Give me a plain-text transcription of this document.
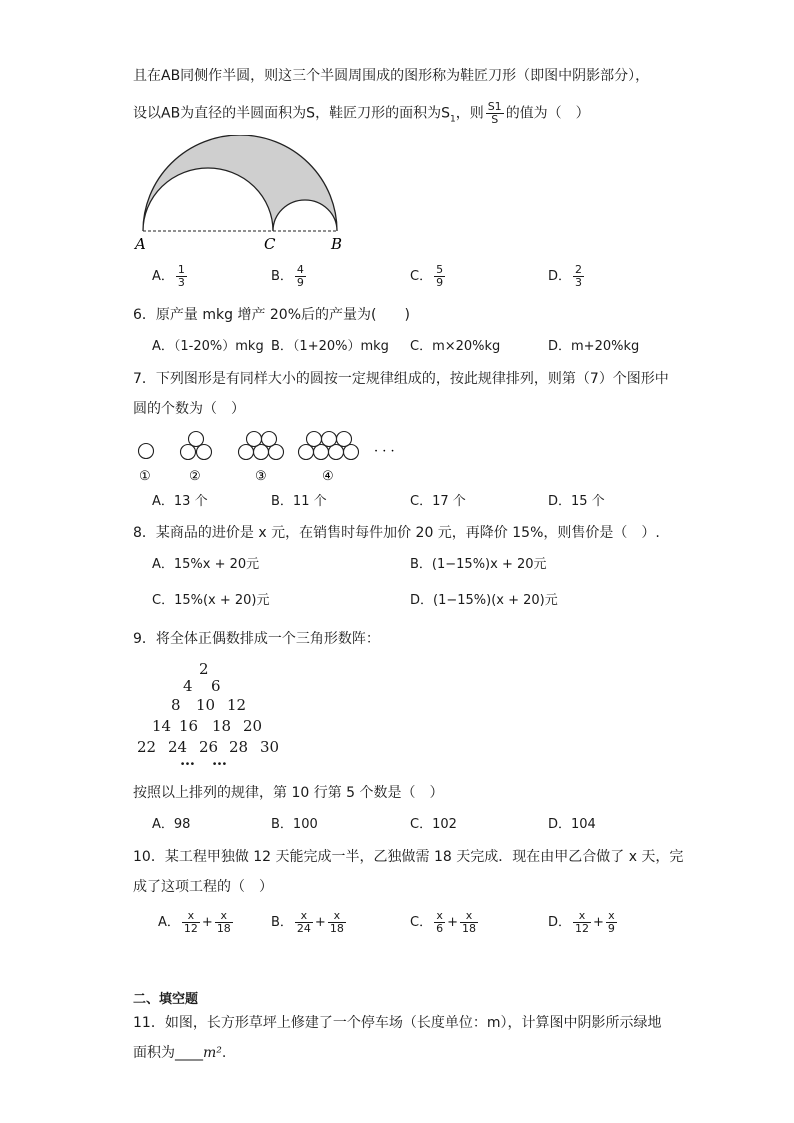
且在AB同侧作半圆，则这三个半圆周围成的图形称为鞋匠刀形（即图中阴影部分），
设以AB为直径的半圆面积为S，鞋匠刀形的面积为$S_1$，则 $\frac{S1}{S}$ 的值为（　）
A	C	B
A． $\frac{1}{3}$	B． $\frac{4}{9}$	C． $\frac{5}{9}$	D． $\frac{2}{3}$
6．原产量 mkg 增产 20%后的产量为(　　)
A．（1-20%）mkg B．（1+20%）mkg C．m×20%kg	D．m+20%kg
7．下列图形是有同样大小的圆按一定规律组成的，按此规律排列，则第（7）个图形中
圆的个数为（　）
①	②	③	④
· · ·
A．13 个	B．11 个	C．17 个	D．15 个
8．某商品的进价是 x 元，在销售时每件加价 20 元，再降价 15%，则售价是（　）.
A．15%x + 20元	B．(1−15%)x + 20元
C．15%(x + 20)元	D．(1−15%)(x + 20)元
9．将全体正偶数排成一个三角形数阵：
2
4 6
8 10 12
14 16 18 20
22 24 26 28 30
… …
按照以上排列的规律，第 10 行第 5 个数是（　）
A．98	B．100	C．102	D．104
10．某工程甲独做 12 天能完成一半，乙独做需 18 天完成．现在由甲乙合做了 x 天，完
成了这项工程的（　）
A． $\frac{x}{12} + \frac{x}{18}$	B． $\frac{x}{24} + \frac{x}{18}$	C． $\frac{x}{6} + \frac{x}{18}$	D． $\frac{x}{12} + \frac{x}{9}$
二、填空题
11．如图，长方形草坪上修建了一个停车场（长度单位：m），计算图中阴影所示绿地
面积为____m².
